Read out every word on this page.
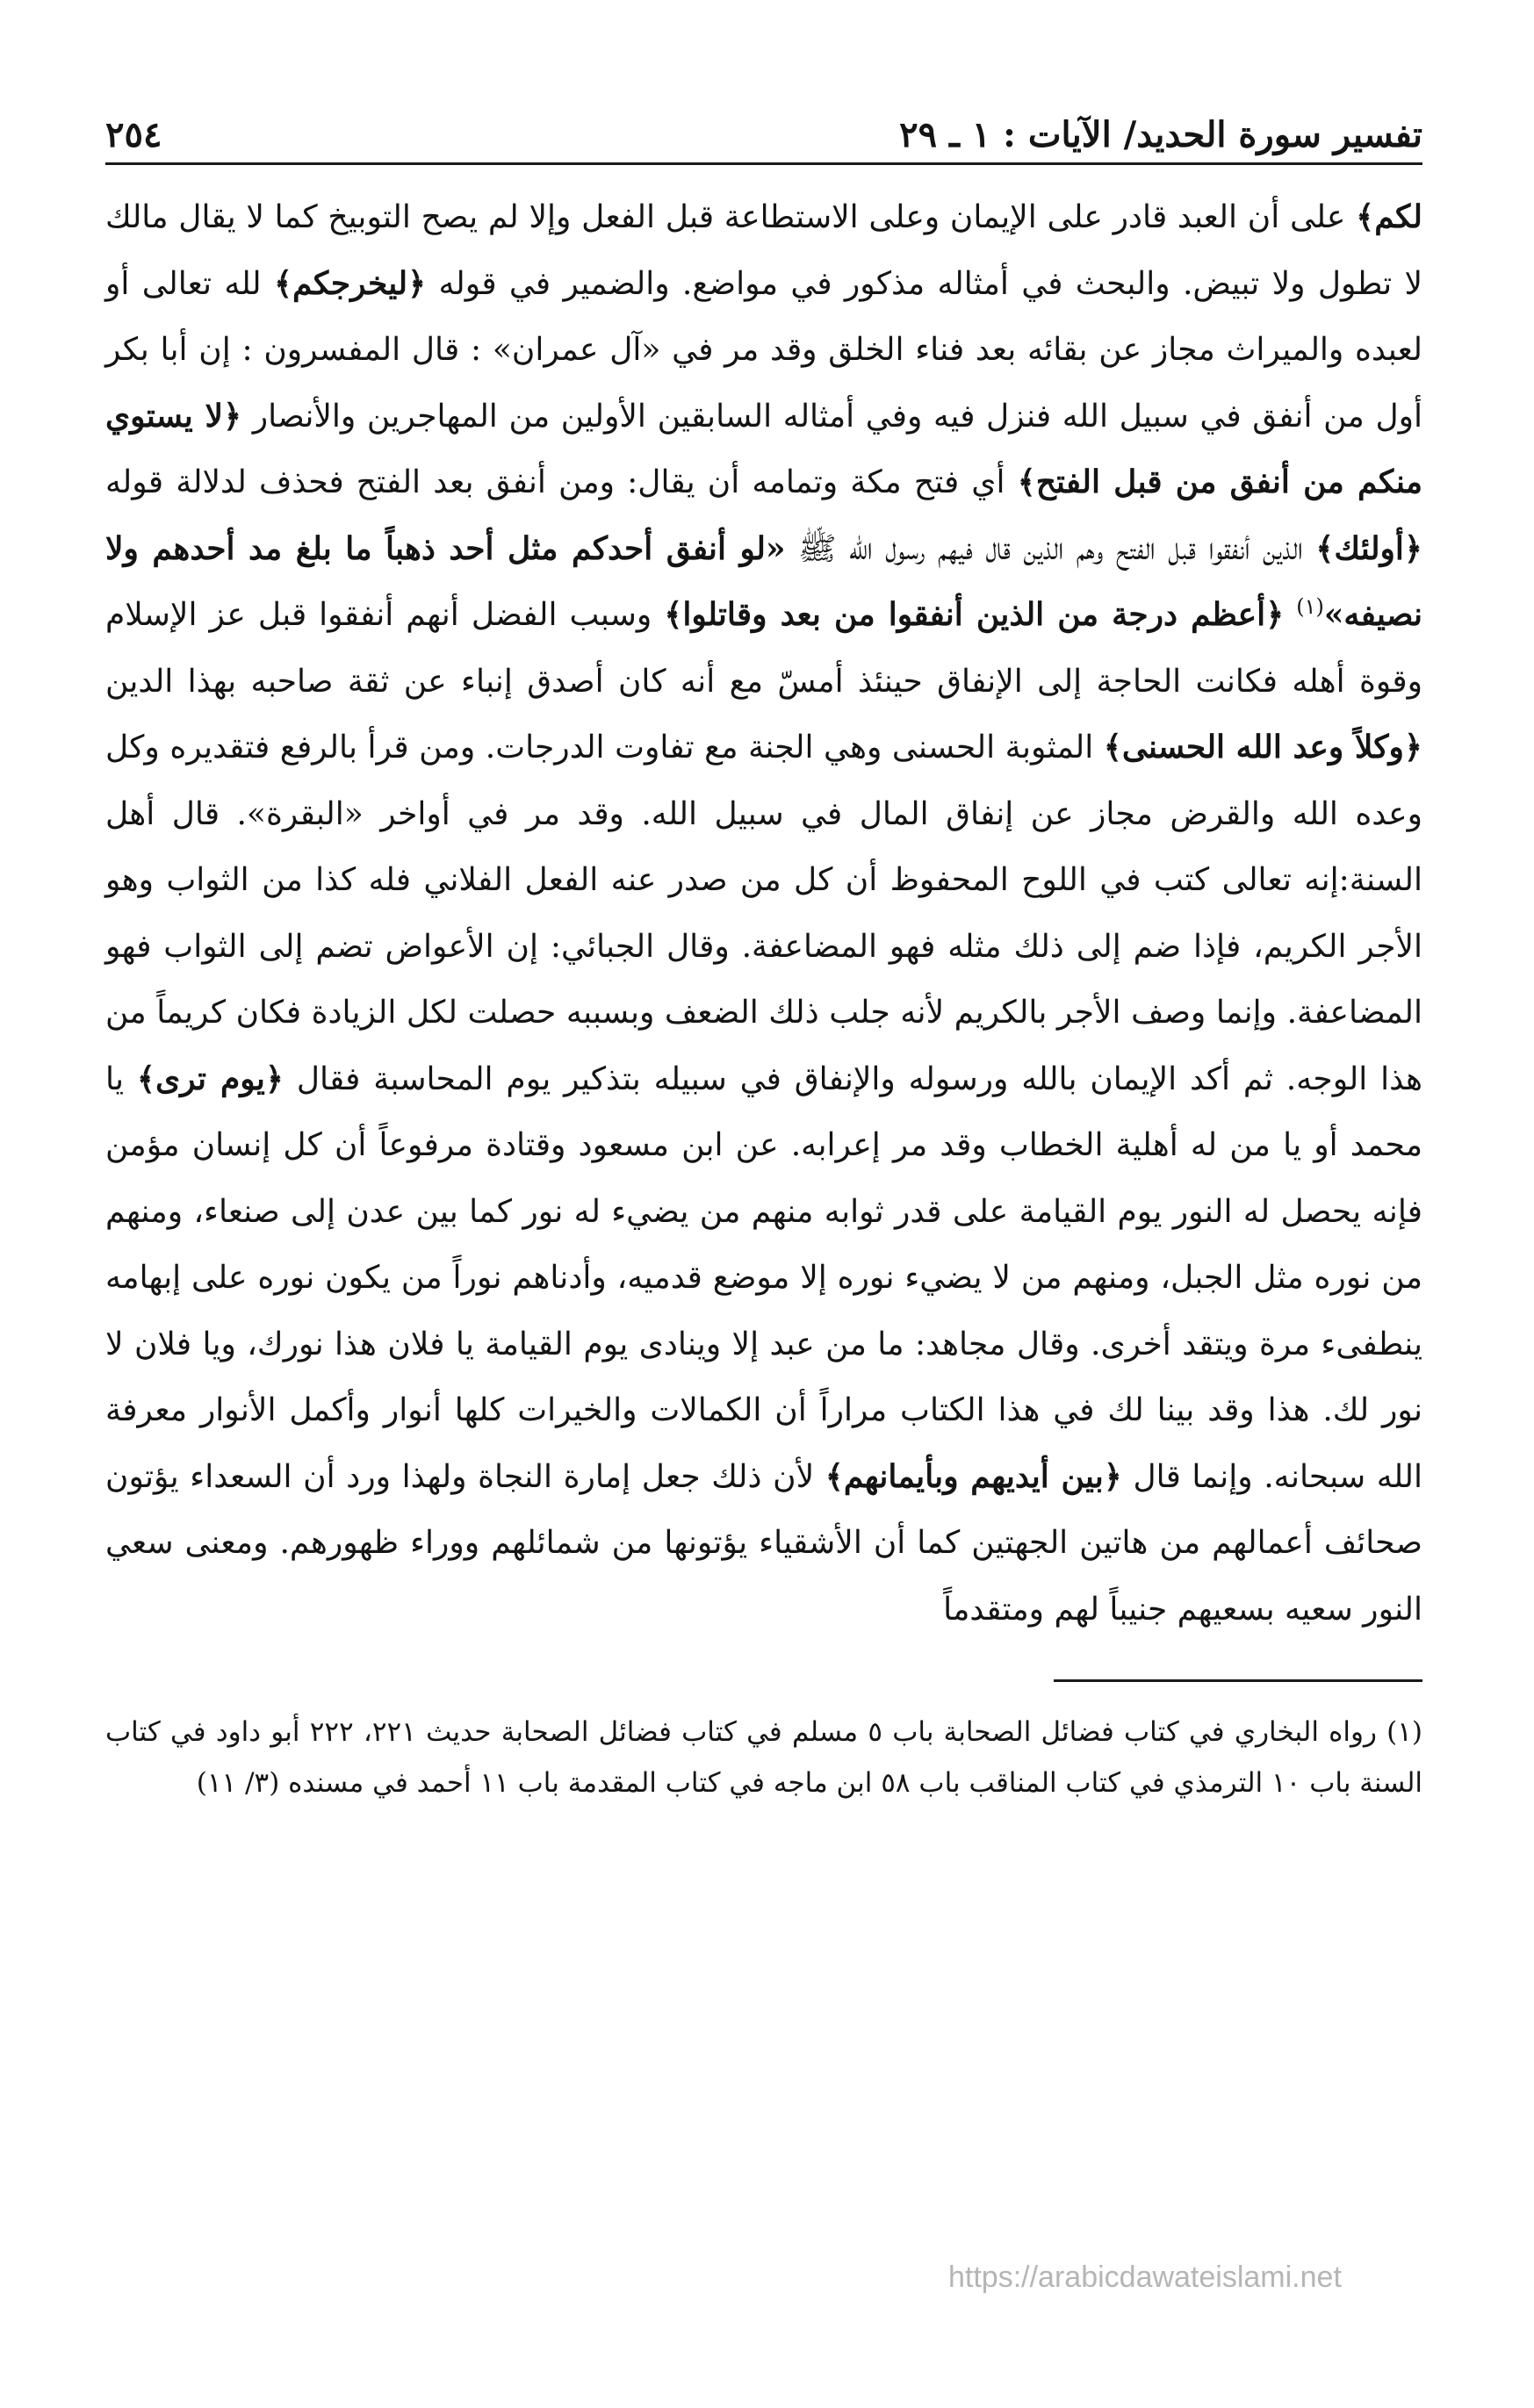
تفسير سورة الحديد/ الآيات : ١ ـ ٢٩
٢٥٤

لكم﴾ على أن العبد قادر على الإيمان وعلى الاستطاعة قبل الفعل وإلا لم يصح التوبيخ كما لا يقال مالك لا تطول ولا تبيض. والبحث في أمثاله مذكور في مواضع. والضمير في قوله ﴿ليخرجكم﴾ لله تعالى أو لعبده والميراث مجاز عن بقائه بعد فناء الخلق وقد مر في «آل عمران» : قال المفسرون : إن أبا بكر أول من أنفق في سبيل الله فنزل فيه وفي أمثاله السابقين الأولين من المهاجرين والأنصار ﴿لا يستوي منكم من أنفق من قبل الفتح﴾ أي فتح مكة وتمامه أن يقال: ومن أنفق بعد الفتح فحذف لدلالة قوله ﴿أولئك﴾ الذين أنفقوا قبل الفتح وهم الذين قال فيهم رسول الله ﷺ «لو أنفق أحدكم مثل أحد ذهباً ما بلغ مد أحدهم ولا نصيفه»$^{(١)}$ ﴿أعظم درجة من الذين أنفقوا من بعد وقاتلوا﴾ وسبب الفضل أنهم أنفقوا قبل عز الإسلام وقوة أهله فكانت الحاجة إلى الإنفاق حينئذ أمسّ مع أنه كان أصدق إنباء عن ثقة صاحبه بهذا الدين ﴿وكلاً وعد الله الحسنى﴾ المثوبة الحسنى وهي الجنة مع تفاوت الدرجات. ومن قرأ بالرفع فتقديره وكل وعده الله والقرض مجاز عن إنفاق المال في سبيل الله. وقد مر في أواخر «البقرة». قال أهل السنة:إنه تعالى كتب في اللوح المحفوظ أن كل من صدر عنه الفعل الفلاني فله كذا من الثواب وهو الأجر الكريم، فإذا ضم إلى ذلك مثله فهو المضاعفة. وقال الجبائي: إن الأعواض تضم إلى الثواب فهو المضاعفة. وإنما وصف الأجر بالكريم لأنه جلب ذلك الضعف وبسببه حصلت لكل الزيادة فكان كريماً من هذا الوجه. ثم أكد الإيمان بالله ورسوله والإنفاق في سبيله بتذكير يوم المحاسبة فقال ﴿يوم ترى﴾ يا محمد أو يا من له أهلية الخطاب وقد مر إعرابه. عن ابن مسعود وقتادة مرفوعاً أن كل إنسان مؤمن فإنه يحصل له النور يوم القيامة على قدر ثوابه منهم من يضيء له نور كما بين عدن إلى صنعاء، ومنهم من نوره مثل الجبل، ومنهم من لا يضيء نوره إلا موضع قدميه، وأدناهم نوراً من يكون نوره على إبهامه ينطفىء مرة ويتقد أخرى. وقال مجاهد: ما من عبد إلا وينادى يوم القيامة يا فلان هذا نورك، ويا فلان لا نور لك. هذا وقد بينا لك في هذا الكتاب مراراً أن الكمالات والخيرات كلها أنوار وأكمل الأنوار معرفة الله سبحانه. وإنما قال ﴿بين أيديهم وبأيمانهم﴾ لأن ذلك جعل إمارة النجاة ولهذا ورد أن السعداء يؤتون صحائف أعمالهم من هاتين الجهتين كما أن الأشقياء يؤتونها من شمائلهم ووراء ظهورهم. ومعنى سعي النور سعيه بسعيهم جنيباً لهم ومتقدماً

(١) رواه البخاري في كتاب فضائل الصحابة باب ٥ مسلم في كتاب فضائل الصحابة حديث ٢٢١، ٢٢٢ أبو داود في كتاب السنة باب ١٠ الترمذي في كتاب المناقب باب ٥٨ ابن ماجه في كتاب المقدمة باب ١١ أحمد في مسنده (٣/ ١١)

https://arabicdawateislami.net
